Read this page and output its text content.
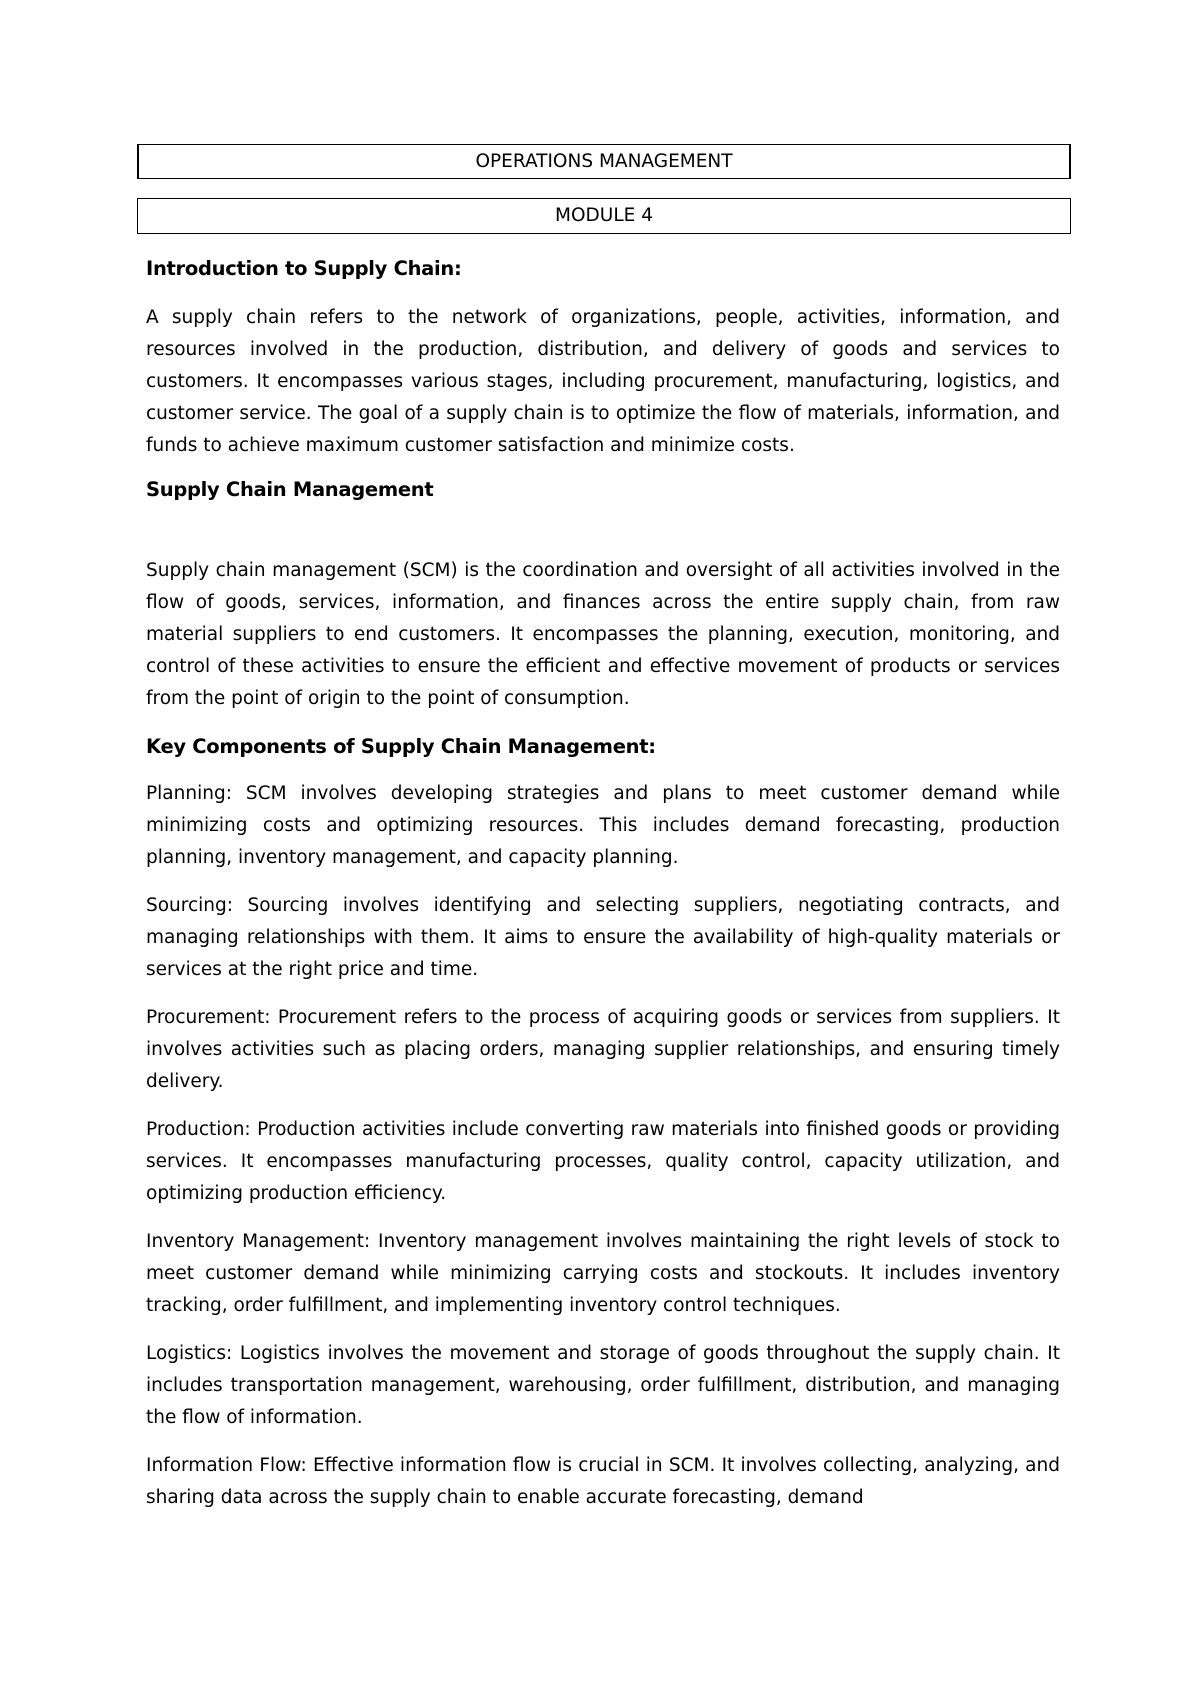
OPERATIONS MANAGEMENT
MODULE 4
Introduction to Supply Chain:

A supply chain refers to the network of organizations, people, activities, information, and resources involved in the production, distribution, and delivery of goods and services to customers. It encompasses various stages, including procurement, manufacturing, logistics, and customer service. The goal of a supply chain is to optimize the flow of materials, information, and funds to achieve maximum customer satisfaction and minimize costs.

Supply Chain Management

Supply chain management (SCM) is the coordination and oversight of all activities involved in the flow of goods, services, information, and finances across the entire supply chain, from raw material suppliers to end customers. It encompasses the planning, execution, monitoring, and control of these activities to ensure the efficient and effective movement of products or services from the point of origin to the point of consumption.

Key Components of Supply Chain Management:

Planning: SCM involves developing strategies and plans to meet customer demand while minimizing costs and optimizing resources. This includes demand forecasting, production planning, inventory management, and capacity planning.

Sourcing: Sourcing involves identifying and selecting suppliers, negotiating contracts, and managing relationships with them. It aims to ensure the availability of high-quality materials or services at the right price and time.

Procurement: Procurement refers to the process of acquiring goods or services from suppliers. It involves activities such as placing orders, managing supplier relationships, and ensuring timely delivery.

Production: Production activities include converting raw materials into finished goods or providing services. It encompasses manufacturing processes, quality control, capacity utilization, and optimizing production efficiency.

Inventory Management: Inventory management involves maintaining the right levels of stock to meet customer demand while minimizing carrying costs and stockouts. It includes inventory tracking, order fulfillment, and implementing inventory control techniques.

Logistics: Logistics involves the movement and storage of goods throughout the supply chain. It includes transportation management, warehousing, order fulfillment, distribution, and managing the flow of information.

Information Flow: Effective information flow is crucial in SCM. It involves collecting, analyzing, and sharing data across the supply chain to enable accurate forecasting, demand
